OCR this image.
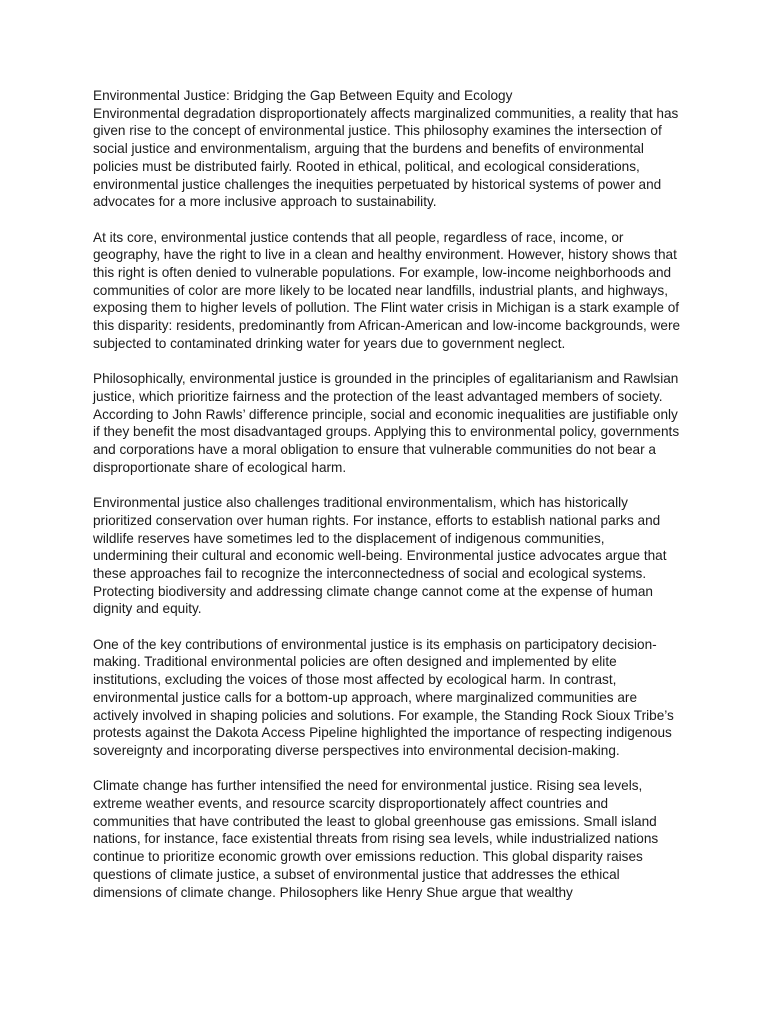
Environmental Justice: Bridging the Gap Between Equity and Ecology

Environmental degradation disproportionately affects marginalized communities, a reality that has given rise to the concept of environmental justice. This philosophy examines the intersection of social justice and environmentalism, arguing that the burdens and benefits of environmental policies must be distributed fairly. Rooted in ethical, political, and ecological considerations, environmental justice challenges the inequities perpetuated by historical systems of power and advocates for a more inclusive approach to sustainability.

At its core, environmental justice contends that all people, regardless of race, income, or geography, have the right to live in a clean and healthy environment. However, history shows that this right is often denied to vulnerable populations. For example, low-income neighborhoods and communities of color are more likely to be located near landfills, industrial plants, and highways, exposing them to higher levels of pollution. The Flint water crisis in Michigan is a stark example of this disparity: residents, predominantly from African-American and low-income backgrounds, were subjected to contaminated drinking water for years due to government neglect.

Philosophically, environmental justice is grounded in the principles of egalitarianism and Rawlsian justice, which prioritize fairness and the protection of the least advantaged members of society. According to John Rawls’ difference principle, social and economic inequalities are justifiable only if they benefit the most disadvantaged groups. Applying this to environmental policy, governments and corporations have a moral obligation to ensure that vulnerable communities do not bear a disproportionate share of ecological harm.

Environmental justice also challenges traditional environmentalism, which has historically prioritized conservation over human rights. For instance, efforts to establish national parks and wildlife reserves have sometimes led to the displacement of indigenous communities, undermining their cultural and economic well-being. Environmental justice advocates argue that these approaches fail to recognize the interconnectedness of social and ecological systems. Protecting biodiversity and addressing climate change cannot come at the expense of human dignity and equity.

One of the key contributions of environmental justice is its emphasis on participatory decision-making. Traditional environmental policies are often designed and implemented by elite institutions, excluding the voices of those most affected by ecological harm. In contrast, environmental justice calls for a bottom-up approach, where marginalized communities are actively involved in shaping policies and solutions. For example, the Standing Rock Sioux Tribe’s protests against the Dakota Access Pipeline highlighted the importance of respecting indigenous sovereignty and incorporating diverse perspectives into environmental decision-making.

Climate change has further intensified the need for environmental justice. Rising sea levels, extreme weather events, and resource scarcity disproportionately affect countries and communities that have contributed the least to global greenhouse gas emissions. Small island nations, for instance, face existential threats from rising sea levels, while industrialized nations continue to prioritize economic growth over emissions reduction. This global disparity raises questions of climate justice, a subset of environmental justice that addresses the ethical dimensions of climate change. Philosophers like Henry Shue argue that wealthy
